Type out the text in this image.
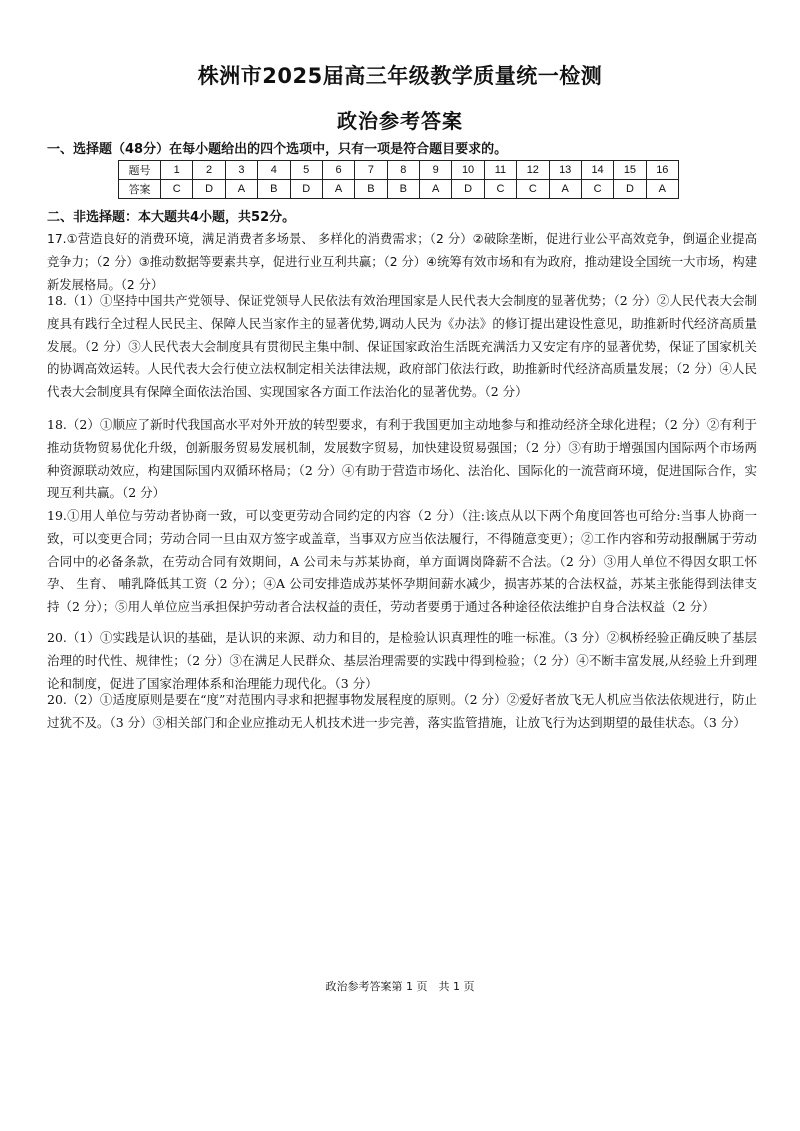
株洲市2025届高三年级教学质量统一检测
政治参考答案
一、选择题（48分）在每小题给出的四个选项中，只有一项是符合题目要求的。
题号	1	2	3	4	5	6	7	8	9	10	11	12	13	14	15	16
答案	C	D	A	B	D	A	B	B	A	D	C	C	A	C	D	A
二、非选择题：本大题共4小题，共52分。
17.①营造良好的消费环境，满足消费者多场景、 多样化的消费需求；（2 分）②破除垄断，促进行业公平高效竞争，倒逼企业提高竞争力；（2 分）③推动数据等要素共享，促进行业互利共赢；（2 分）④统筹有效市场和有为政府，推动建设全国统一大市场，构建新发展格局。（2 分）
18.（1）①坚持中国共产党领导、保证党领导人民依法有效治理国家是人民代表大会制度的显著优势；（2 分）②人民代表大会制度具有践行全过程人民民主、保障人民当家作主的显著优势,调动人民为《办法》的修订提出建设性意见，助推新时代经济高质量发展。（2 分）③人民代表大会制度具有贯彻民主集中制、保证国家政治生活既充满活力又安定有序的显著优势，保证了国家机关的协调高效运转。人民代表大会行使立法权制定相关法律法规，政府部门依法行政，助推新时代经济高质量发展；（2 分）④人民代表大会制度具有保障全面依法治国、实现国家各方面工作法治化的显著优势。（2 分）
18.（2）①顺应了新时代我国高水平对外开放的转型要求，有利于我国更加主动地参与和推动经济全球化进程；（2 分）②有利于推动货物贸易优化升级，创新服务贸易发展机制，发展数字贸易，加快建设贸易强国；（2 分）③有助于增强国内国际两个市场两种资源联动效应，构建国际国内双循环格局；（2 分）④有助于营造市场化、法治化、国际化的一流营商环境，促进国际合作，实现互利共赢。（2 分）
19.①用人单位与劳动者协商一致，可以变更劳动合同约定的内容（2 分）（注:该点从以下两个角度回答也可给分:当事人协商一致，可以变更合同；劳动合同一旦由双方签字或盖章，当事双方应当依法履行，不得随意变更）；②工作内容和劳动报酬属于劳动合同中的必备条款，在劳动合同有效期间，A 公司未与苏某协商，单方面调岗降薪不合法。（2 分）③用人单位不得因女职工怀孕、 生育、 哺乳降低其工资（2 分）；④A 公司安排造成苏某怀孕期间薪水减少，损害苏某的合法权益，苏某主张能得到法律支持（2 分）；⑤用人单位应当承担保护劳动者合法权益的责任，劳动者要勇于通过各种途径依法维护自身合法权益（2 分）
20.（1）①实践是认识的基础，是认识的来源、动力和目的，是检验认识真理性的唯一标准。（3 分）②枫桥经验正确反映了基层治理的时代性、规律性；（2 分）③在满足人民群众、基层治理需要的实践中得到检验；（2 分）④不断丰富发展,从经验上升到理论和制度，促进了国家治理体系和治理能力现代化。（3 分）
20.（2）①适度原则是要在“度”对范围内寻求和把握事物发展程度的原则。（2 分）②爱好者放飞无人机应当依法依规进行，防止过犹不及。（3 分）③相关部门和企业应推动无人机技术进一步完善，落实监管措施，让放飞行为达到期望的最佳状态。（3 分）
政治参考答案第 1 页　共 1 页
